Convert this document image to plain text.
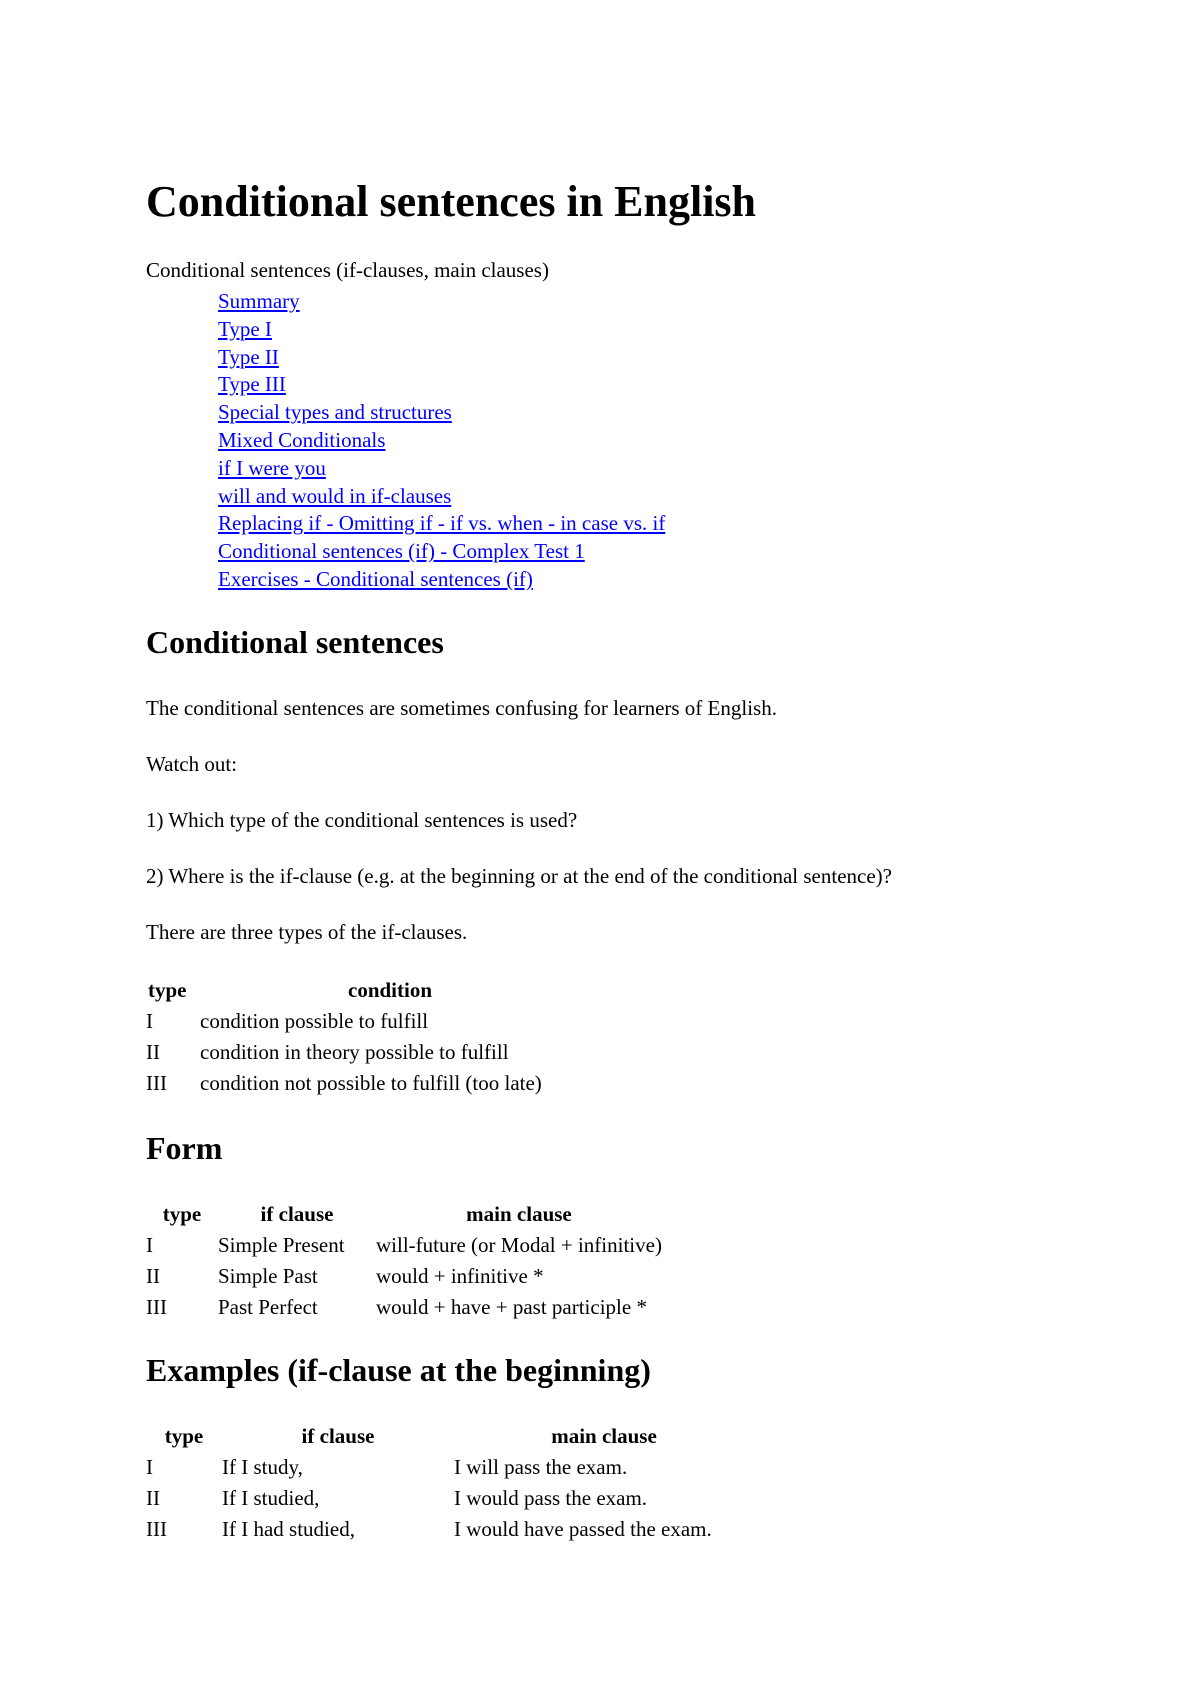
Conditional sentences in English

Conditional sentences (if-clauses, main clauses)

Summary
Type I
Type II
Type III
Special types and structures
Mixed Conditionals
if I were you
will and would in if-clauses
Replacing if - Omitting if - if vs. when - in case vs. if
Conditional sentences (if) - Complex Test 1
Exercises - Conditional sentences (if)
Conditional sentences

The conditional sentences are sometimes confusing for learners of English.

Watch out:

1) Which type of the conditional sentences is used?

2) Where is the if-clause (e.g. at the beginning or at the end of the conditional sentence)?

There are three types of the if-clauses.

type	condition
I	condition possible to fulfill
II	condition in theory possible to fulfill
III	condition not possible to fulfill (too late)
Form
type	if clause	main clause
I	Simple Present	will-future (or Modal + infinitive)
II	Simple Past	would + infinitive *
III	Past Perfect	would + have + past participle *
Examples (if-clause at the beginning)
type	if clause	main clause
I	If I study,	I will pass the exam.
II	If I studied,	I would pass the exam.
III	If I had studied,	I would have passed the exam.
